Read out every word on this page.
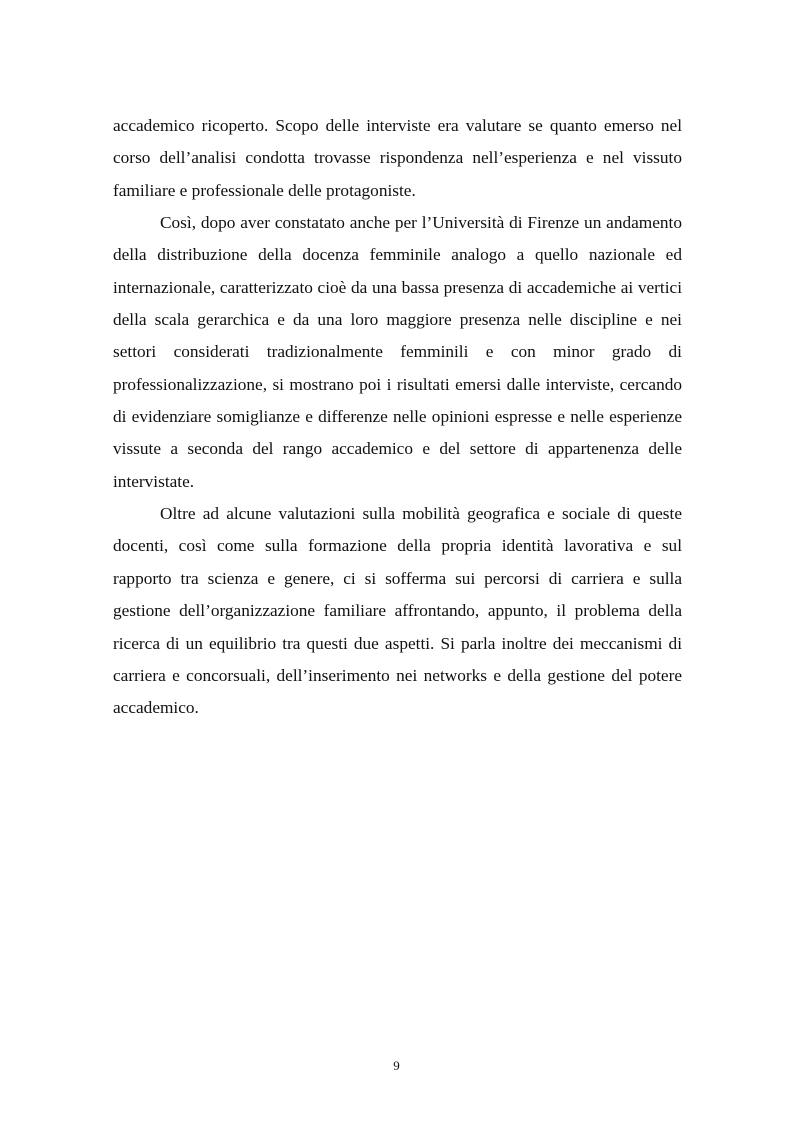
accademico ricoperto. Scopo delle interviste era valutare se quanto emerso nel corso dell’analisi condotta trovasse rispondenza nell’esperienza e nel vissuto familiare e professionale delle protagoniste.

Così, dopo aver constatato anche per l’Università di Firenze un andamento della distribuzione della docenza femminile analogo a quello nazionale ed internazionale, caratterizzato cioè da una bassa presenza di accademiche ai vertici della scala gerarchica e da una loro maggiore presenza nelle discipline e nei settori considerati tradizionalmente femminili e con minor grado di professionalizzazione, si mostrano poi i risultati emersi dalle interviste, cercando di evidenziare somiglianze e differenze nelle opinioni espresse e nelle esperienze vissute a seconda del rango accademico e del settore di appartenenza delle intervistate.

Oltre ad alcune valutazioni sulla mobilità geografica e sociale di queste docenti, così come sulla formazione della propria identità lavorativa e sul rapporto tra scienza e genere, ci si sofferma sui percorsi di carriera e sulla gestione dell’organizzazione familiare affrontando, appunto, il problema della ricerca di un equilibrio tra questi due aspetti. Si parla inoltre dei meccanismi di carriera e concorsuali, dell’inserimento nei networks e della gestione del potere accademico.

9
